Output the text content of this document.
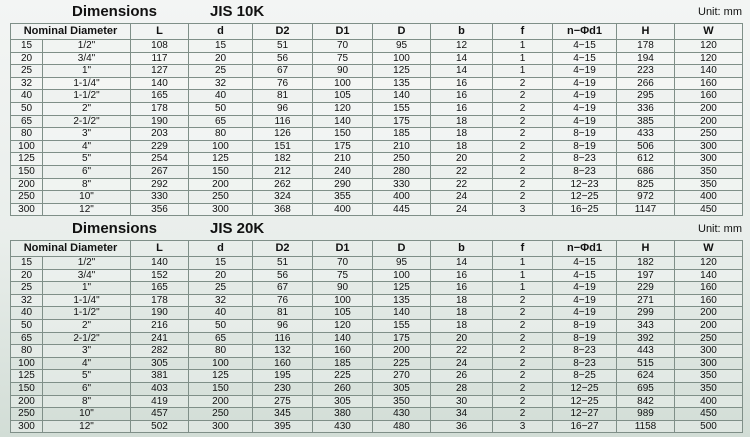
Dimensions	JIS 10K	Unit: mm
Nominal Diameter		L	d	D2	D1	D	b	f	n−Φd1	H	W
15	1/2"	108	15	51	70	95	12	1	4−15	178	120
20	3/4"	117	20	56	75	100	14	1	4−15	194	120
25	1"	127	25	67	90	125	14	1	4−19	223	140
32	1-1/4"	140	32	76	100	135	16	2	4−19	266	160
40	1-1/2"	165	40	81	105	140	16	2	4−19	295	160
50	2"	178	50	96	120	155	16	2	4−19	336	200
65	2-1/2"	190	65	116	140	175	18	2	4−19	385	200
80	3"	203	80	126	150	185	18	2	8−19	433	250
100	4"	229	100	151	175	210	18	2	8−19	506	300
125	5"	254	125	182	210	250	20	2	8−23	612	300
150	6"	267	150	212	240	280	22	2	8−23	686	350
200	8"	292	200	262	290	330	22	2	12−23	825	350
250	10"	330	250	324	355	400	24	2	12−25	972	400
300	12"	356	300	368	400	445	24	3	16−25	1147	450
Dimensions	JIS 20K	Unit: mm
Nominal Diameter		L	d	D2	D1	D	b	f	n−Φd1	H	W
15	1/2"	140	15	51	70	95	14	1	4−15	182	120
20	3/4"	152	20	56	75	100	16	1	4−15	197	140
25	1"	165	25	67	90	125	16	1	4−19	229	160
32	1-1/4"	178	32	76	100	135	18	2	4−19	271	160
40	1-1/2"	190	40	81	105	140	18	2	4−19	299	200
50	2"	216	50	96	120	155	18	2	8−19	343	200
65	2-1/2"	241	65	116	140	175	20	2	8−19	392	250
80	3"	282	80	132	160	200	22	2	8−23	443	300
100	4"	305	100	160	185	225	24	2	8−23	515	300
125	5"	381	125	195	225	270	26	2	8−25	624	350
150	6"	403	150	230	260	305	28	2	12−25	695	350
200	8"	419	200	275	305	350	30	2	12−25	842	400
250	10"	457	250	345	380	430	34	2	12−27	989	450
300	12"	502	300	395	430	480	36	3	16−27	1158	500
